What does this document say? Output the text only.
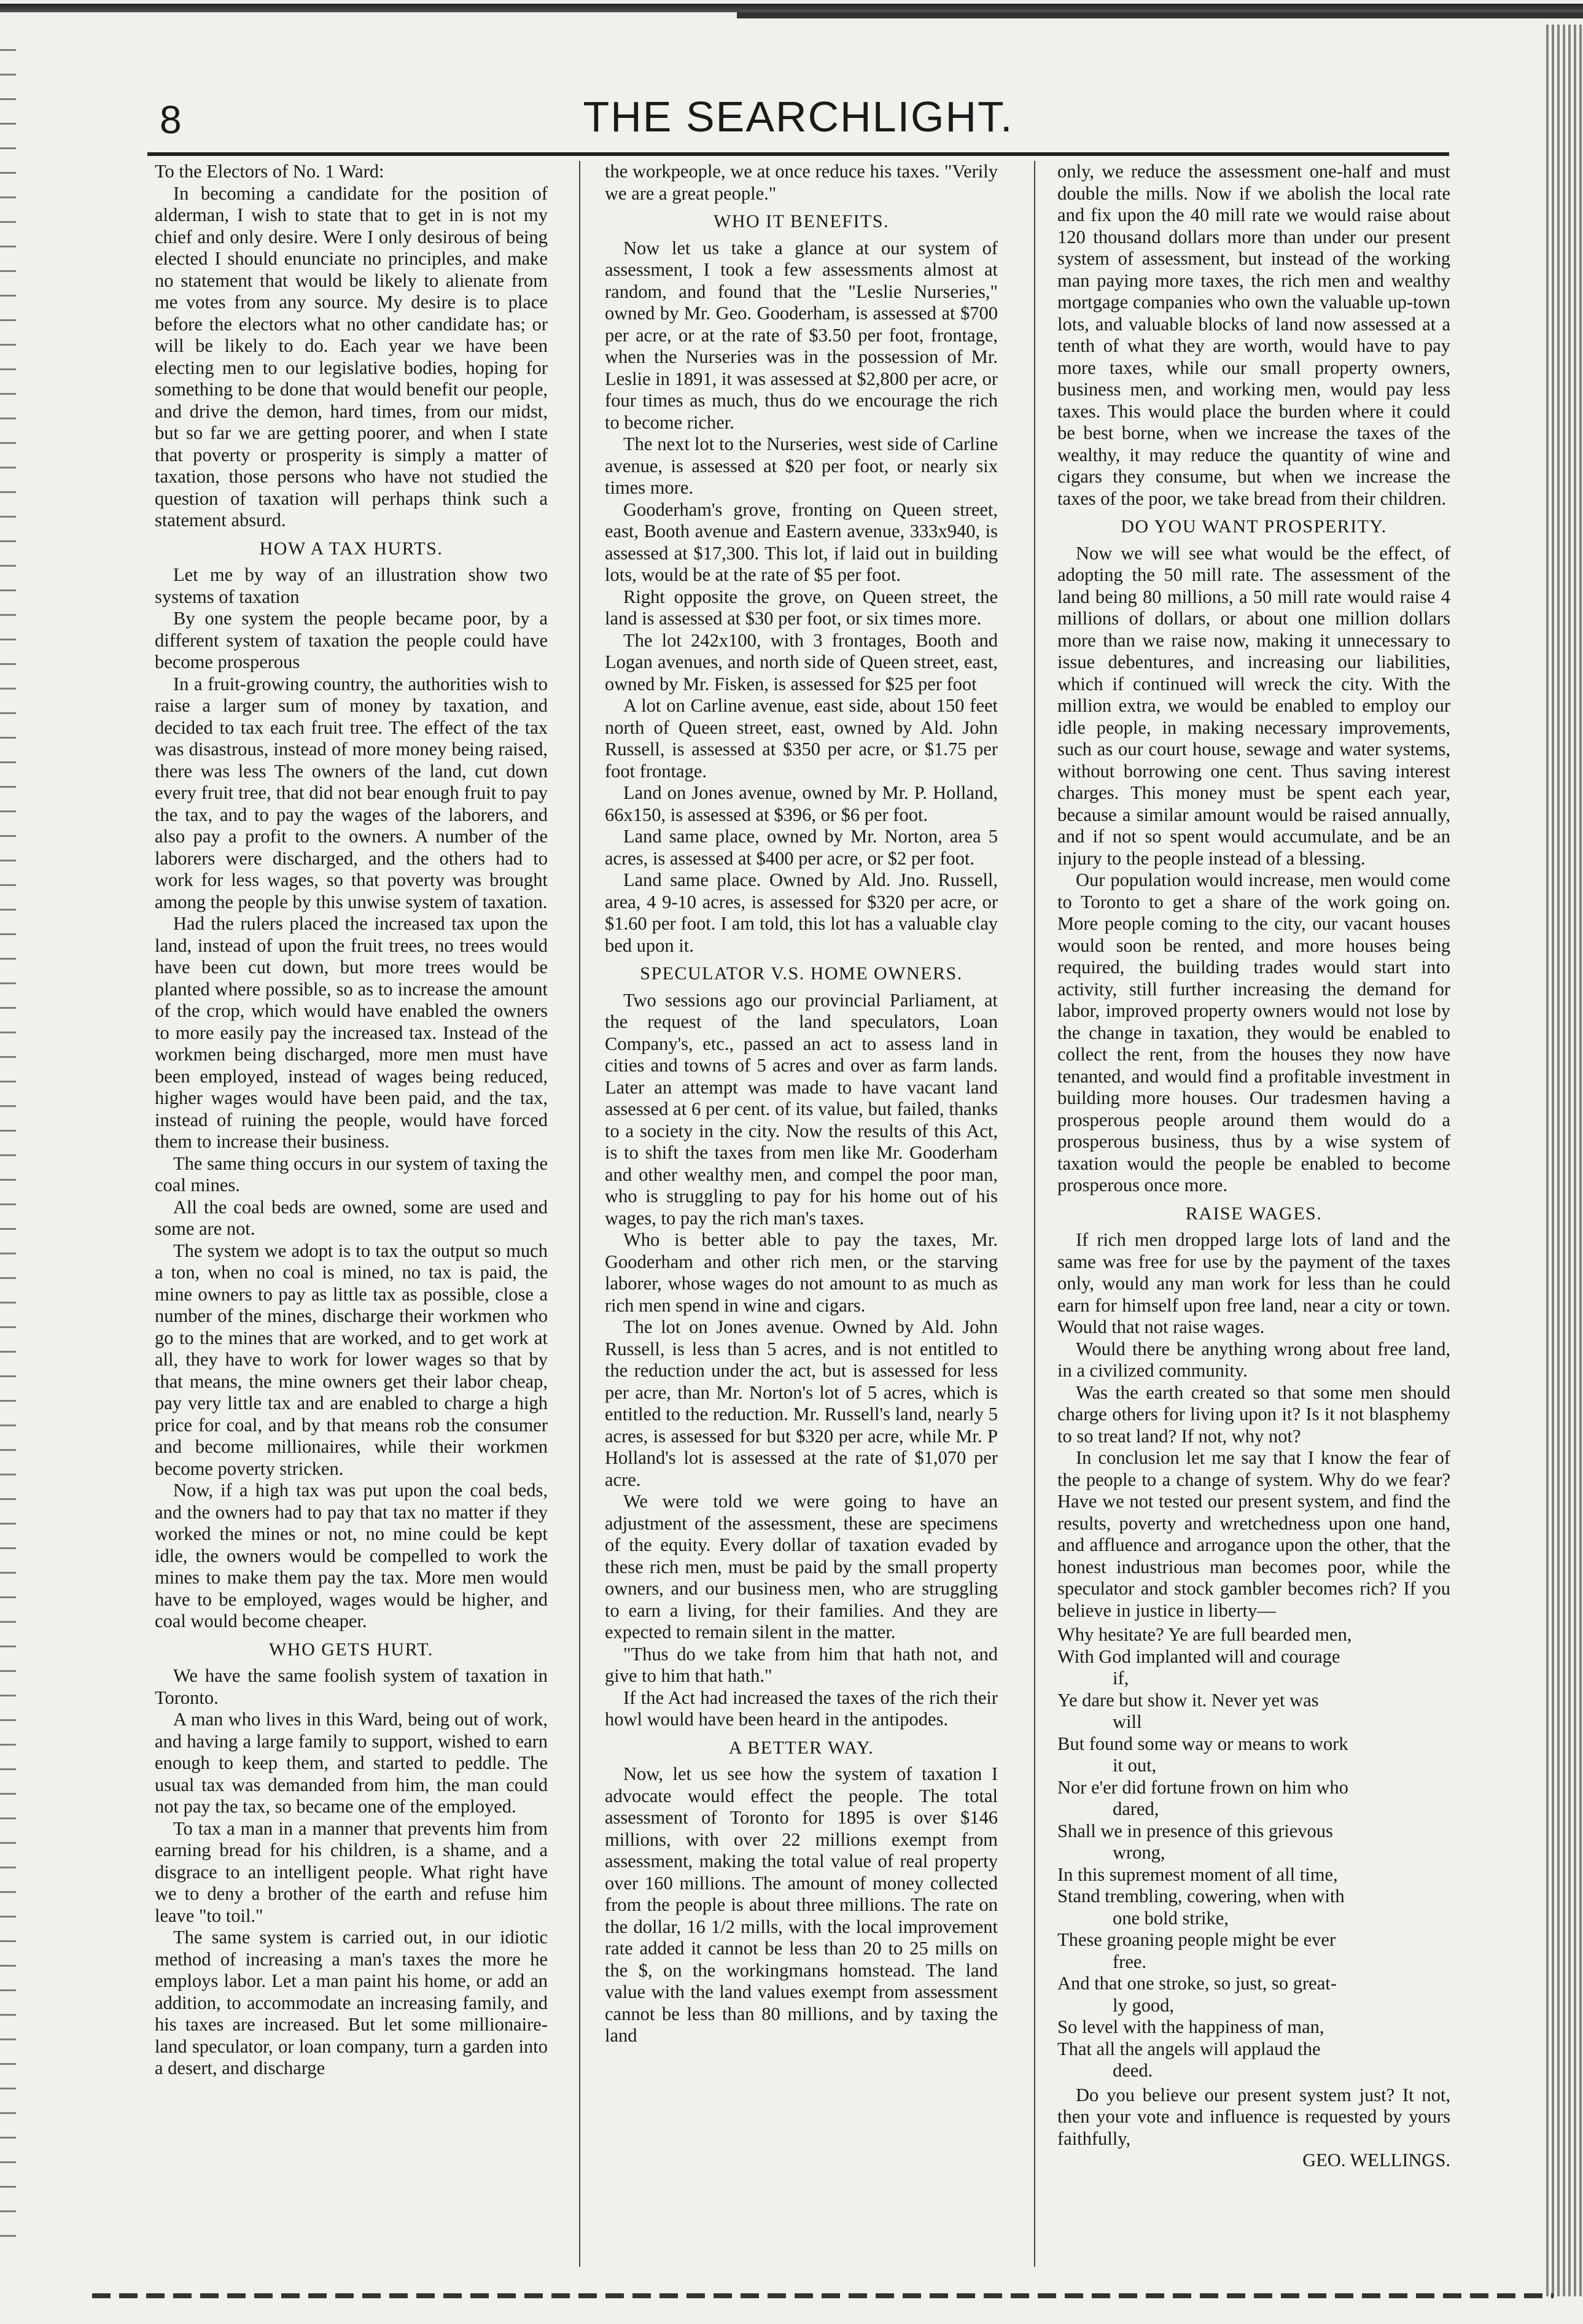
8	THE SEARCHLIGHT.

To the Electors of No. 1 Ward:

In becoming a candidate for the position of alderman, I wish to state that to get in is not my chief and only desire. Were I only desirous of being elected I should enunciate no principles, and make no statement that would be likely to alienate from me votes from any source. My desire is to place before the electors what no other candidate has; or will be likely to do. Each year we have been electing men to our legislative bodies, hoping for something to be done that would benefit our people, and drive the demon, hard times, from our midst, but so far we are getting poorer, and when I state that poverty or prosperity is simply a matter of taxation, those persons who have not studied the question of taxation will perhaps think such a statement absurd.

HOW A TAX HURTS.

Let me by way of an illustration show two systems of taxation

By one system the people became poor, by a different system of taxation the people could have become prosperous

In a fruit-growing country, the authorities wish to raise a larger sum of money by taxation, and decided to tax each fruit tree. The effect of the tax was disastrous, instead of more money being raised, there was less The owners of the land, cut down every fruit tree, that did not bear enough fruit to pay the tax, and to pay the wages of the laborers, and also pay a profit to the owners. A number of the laborers were discharged, and the others had to work for less wages, so that poverty was brought among the people by this unwise system of taxation.

Had the rulers placed the increased tax upon the land, instead of upon the fruit trees, no trees would have been cut down, but more trees would be planted where possible, so as to increase the amount of the crop, which would have enabled the owners to more easily pay the increased tax. Instead of the workmen being discharged, more men must have been employed, instead of wages being reduced, higher wages would have been paid, and the tax, instead of ruining the people, would have forced them to increase their business.

The same thing occurs in our system of taxing the coal mines.

All the coal beds are owned, some are used and some are not.

The system we adopt is to tax the output so much a ton, when no coal is mined, no tax is paid, the mine owners to pay as little tax as possible, close a number of the mines, discharge their workmen who go to the mines that are worked, and to get work at all, they have to work for lower wages so that by that means, the mine owners get their labor cheap, pay very little tax and are enabled to charge a high price for coal, and by that means rob the consumer and become millionaires, while their workmen become poverty stricken.

Now, if a high tax was put upon the coal beds, and the owners had to pay that tax no matter if they worked the mines or not, no mine could be kept idle, the owners would be compelled to work the mines to make them pay the tax. More men would have to be employed, wages would be higher, and coal would become cheaper.

WHO GETS HURT.

We have the same foolish system of taxation in Toronto.

A man who lives in this Ward, being out of work, and having a large family to support, wished to earn enough to keep them, and started to peddle. The usual tax was demanded from him, the man could not pay the tax, so became one of the employed.

To tax a man in a manner that prevents him from earning bread for his children, is a shame, and a disgrace to an intelligent people. What right have we to deny a brother of the earth and refuse him leave "to toil."

The same system is carried out, in our idiotic method of increasing a man's taxes the more he employs labor. Let a man paint his home, or add an addition, to accommodate an increasing family, and his taxes are increased. But let some millionaire-land speculator, or loan company, turn a garden into a desert, and discharge

the workpeople, we at once reduce his taxes. "Verily we are a great people."

WHO IT BENEFITS.

Now let us take a glance at our system of assessment, I took a few assessments almost at random, and found that the "Leslie Nurseries," owned by Mr. Geo. Gooderham, is assessed at $700 per acre, or at the rate of $3.50 per foot, frontage, when the Nurseries was in the possession of Mr. Leslie in 1891, it was assessed at $2,800 per acre, or four times as much, thus do we encourage the rich to become richer.

The next lot to the Nurseries, west side of Carline avenue, is assessed at $20 per foot, or nearly six times more.

Gooderham's grove, fronting on Queen street, east, Booth avenue and Eastern avenue, 333x940, is assessed at $17,300. This lot, if laid out in building lots, would be at the rate of $5 per foot.

Right opposite the grove, on Queen street, the land is assessed at $30 per foot, or six times more.

The lot 242x100, with 3 frontages, Booth and Logan avenues, and north side of Queen street, east, owned by Mr. Fisken, is assessed for $25 per foot

A lot on Carline avenue, east side, about 150 feet north of Queen street, east, owned by Ald. John Russell, is assessed at $350 per acre, or $1.75 per foot frontage.

Land on Jones avenue, owned by Mr. P. Holland, 66x150, is assessed at $396, or $6 per foot.

Land same place, owned by Mr. Norton, area 5 acres, is assessed at $400 per acre, or $2 per foot.

Land same place. Owned by Ald. Jno. Russell, area, 4 9-10 acres, is assessed for $320 per acre, or $1.60 per foot. I am told, this lot has a valuable clay bed upon it.

SPECULATOR V.S. HOME OWNERS.

Two sessions ago our provincial Parliament, at the request of the land speculators, Loan Company's, etc., passed an act to assess land in cities and towns of 5 acres and over as farm lands. Later an attempt was made to have vacant land assessed at 6 per cent. of its value, but failed, thanks to a society in the city. Now the results of this Act, is to shift the taxes from men like Mr. Gooderham and other wealthy men, and compel the poor man, who is struggling to pay for his home out of his wages, to pay the rich man's taxes.

Who is better able to pay the taxes, Mr. Gooderham and other rich men, or the starving laborer, whose wages do not amount to as much as rich men spend in wine and cigars.

The lot on Jones avenue. Owned by Ald. John Russell, is less than 5 acres, and is not entitled to the reduction under the act, but is assessed for less per acre, than Mr. Norton's lot of 5 acres, which is entitled to the reduction. Mr. Russell's land, nearly 5 acres, is assessed for but $320 per acre, while Mr. P Holland's lot is assessed at the rate of $1,070 per acre.

We were told we were going to have an adjustment of the assessment, these are specimens of the equity. Every dollar of taxation evaded by these rich men, must be paid by the small property owners, and our business men, who are struggling to earn a living, for their families. And they are expected to remain silent in the matter.

"Thus do we take from him that hath not, and give to him that hath."

If the Act had increased the taxes of the rich their howl would have been heard in the antipodes.

A BETTER WAY.

Now, let us see how the system of taxation I advocate would effect the people. The total assessment of Toronto for 1895 is over $146 millions, with over 22 millions exempt from assessment, making the total value of real property over 160 millions. The amount of money collected from the people is about three millions. The rate on the dollar, 16 1/2 mills, with the local improvement rate added it cannot be less than 20 to 25 mills on the $, on the workingmans homstead. The land value with the land values exempt from assessment cannot be less than 80 millions, and by taxing the land

only, we reduce the assessment one-half and must double the mills. Now if we abolish the local rate and fix upon the 40 mill rate we would raise about 120 thousand dollars more than under our present system of assessment, but instead of the working man paying more taxes, the rich men and wealthy mortgage companies who own the valuable up-town lots, and valuable blocks of land now assessed at a tenth of what they are worth, would have to pay more taxes, while our small property owners, business men, and working men, would pay less taxes. This would place the burden where it could be best borne, when we increase the taxes of the wealthy, it may reduce the quantity of wine and cigars they consume, but when we increase the taxes of the poor, we take bread from their children.

DO YOU WANT PROSPERITY.

Now we will see what would be the effect, of adopting the 50 mill rate. The assessment of the land being 80 millions, a 50 mill rate would raise 4 millions of dollars, or about one million dollars more than we raise now, making it unnecessary to issue debentures, and increasing our liabilities, which if continued will wreck the city. With the million extra, we would be enabled to employ our idle people, in making necessary improvements, such as our court house, sewage and water systems, without borrowing one cent. Thus saving interest charges. This money must be spent each year, because a similar amount would be raised annually, and if not so spent would accumulate, and be an injury to the people instead of a blessing.

Our population would increase, men would come to Toronto to get a share of the work going on. More people coming to the city, our vacant houses would soon be rented, and more houses being required, the building trades would start into activity, still further increasing the demand for labor, improved property owners would not lose by the change in taxation, they would be enabled to collect the rent, from the houses they now have tenanted, and would find a profitable investment in building more houses. Our tradesmen having a prosperous people around them would do a prosperous business, thus by a wise system of taxation would the people be enabled to become prosperous once more.

RAISE WAGES.

If rich men dropped large lots of land and the same was free for use by the payment of the taxes only, would any man work for less than he could earn for himself upon free land, near a city or town. Would that not raise wages.

Would there be anything wrong about free land, in a civilized community.

Was the earth created so that some men should charge others for living upon it? Is it not blasphemy to so treat land? If not, why not?

In conclusion let me say that I know the fear of the people to a change of system. Why do we fear? Have we not tested our present system, and find the results, poverty and wretchedness upon one hand, and affluence and arrogance upon the other, that the honest industrious man becomes poor, while the speculator and stock gambler becomes rich? If you believe in justice in liberty—

Why hesitate? Ye are full bearded men,

With God implanted will and courage

if,

Ye dare but show it. Never yet was

will

But found some way or means to work

it out,

Nor e'er did fortune frown on him who

dared,

Shall we in presence of this grievous

wrong,

In this supremest moment of all time,

Stand trembling, cowering, when with

one bold strike,

These groaning people might be ever

free.

And that one stroke, so just, so great-

ly good,

So level with the happiness of man,

That all the angels will applaud the

deed.

Do you believe our present system just? It not, then your vote and influence is requested by yours faithfully,

GEO. WELLINGS.
